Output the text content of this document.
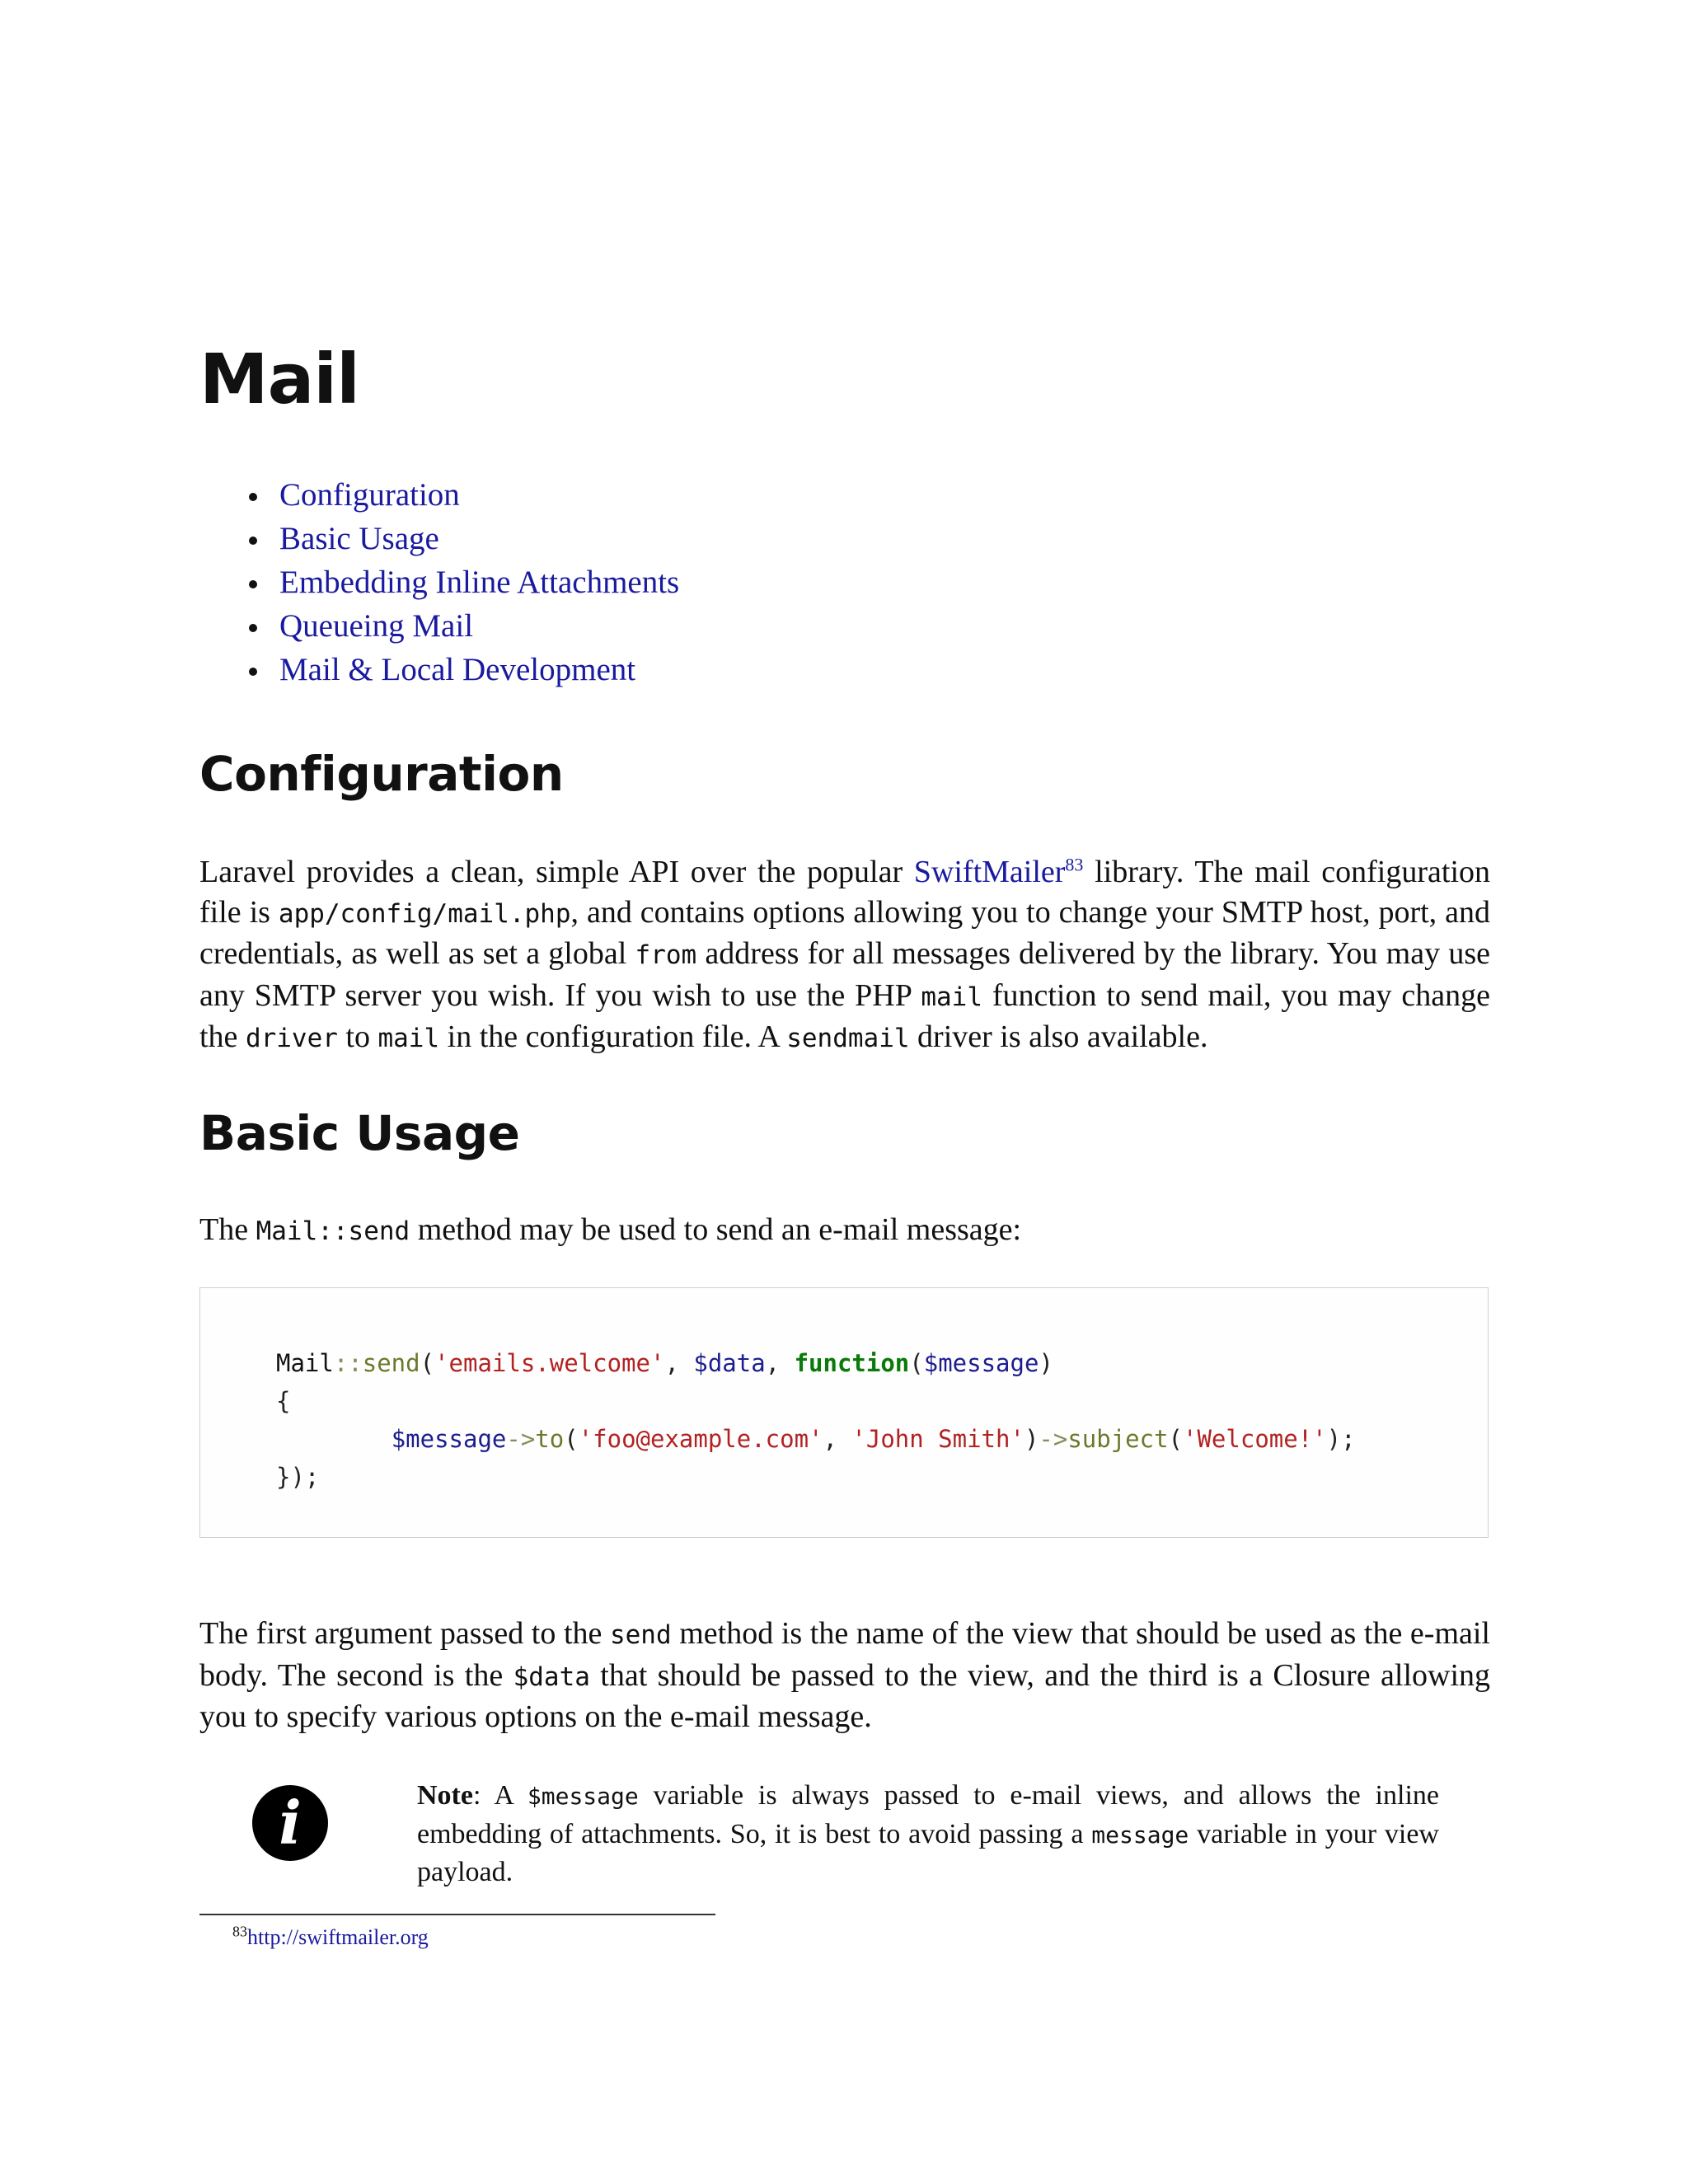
Mail
Configuration
Basic Usage
Embedding Inline Attachments
Queueing Mail
Mail & Local Development
Configuration

Laravel provides a clean, simple API over the popular SwiftMailer$^{83}$ library. The mail configuration file is app/config/mail.php, and contains options allowing you to change your SMTP host, port, and credentials, as well as set a global from address for all messages delivered by the library. You may use any SMTP server you wish. If you wish to use the PHP mail function to send mail, you may change the driver to mail in the configuration file. A sendmail driver is also available.

Basic Usage

The Mail::send method may be used to send an e-mail message:

Mail::send('emails.welcome', $data, function($message)
{
$message->to('foo@example.com', 'John Smith')->subject('Welcome!');
});

The first argument passed to the send method is the name of the view that should be used as the e-mail body. The second is the $data that should be passed to the view, and the third is a Closure allowing you to specify various options on the e-mail message.

i	Note: A $message variable is always passed to e-mail views, and allows the inline embedding of attachments. So, it is best to avoid passing a message variable in your view payload.

$^{83}$http://swiftmailer.org
